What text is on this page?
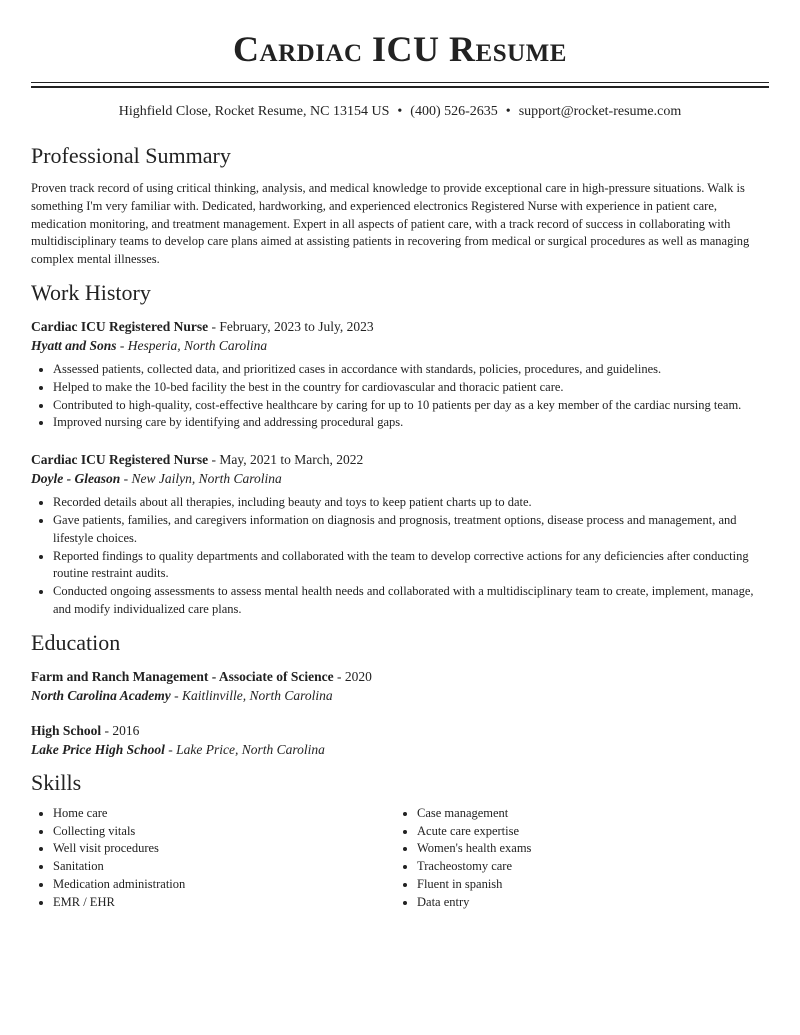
Cardiac ICU Resume
Highfield Close, Rocket Resume, NC 13154 US • (400) 526-2635 • support@rocket-resume.com
Professional Summary

Proven track record of using critical thinking, analysis, and medical knowledge to provide exceptional care in high-pressure situations. Walk is something I'm very familiar with. Dedicated, hardworking, and experienced electronics Registered Nurse with experience in patient care, medication monitoring, and treatment management. Expert in all aspects of patient care, with a track record of success in collaborating with multidisciplinary teams to develop care plans aimed at assisting patients in recovering from medical or surgical procedures as well as managing complex mental illnesses.

Work History
Cardiac ICU Registered Nurse - February, 2023 to July, 2023
Hyatt and Sons - Hesperia, North Carolina
• Assessed patients, collected data, and prioritized cases in accordance with standards, policies, procedures, and guidelines.
• Helped to make the 10-bed facility the best in the country for cardiovascular and thoracic patient care.
• Contributed to high-quality, cost-effective healthcare by caring for up to 10 patients per day as a key member of the cardiac nursing team.
• Improved nursing care by identifying and addressing procedural gaps.
Cardiac ICU Registered Nurse - May, 2021 to March, 2022
Doyle - Gleason - New Jailyn, North Carolina
• Recorded details about all therapies, including beauty and toys to keep patient charts up to date.
• Gave patients, families, and caregivers information on diagnosis and prognosis, treatment options, disease process and management, and lifestyle choices.
• Reported findings to quality departments and collaborated with the team to develop corrective actions for any deficiencies after conducting routine restraint audits.
• Conducted ongoing assessments to assess mental health needs and collaborated with a multidisciplinary team to create, implement, manage, and modify individualized care plans.
Education
Farm and Ranch Management - Associate of Science - 2020
North Carolina Academy - Kaitlinville, North Carolina
High School - 2016
Lake Price High School - Lake Price, North Carolina
Skills
• Home care
• Collecting vitals
• Well visit procedures
• Sanitation
• Medication administration
• EMR / EHR
• Case management
• Acute care expertise
• Women's health exams
• Tracheostomy care
• Fluent in spanish
• Data entry
